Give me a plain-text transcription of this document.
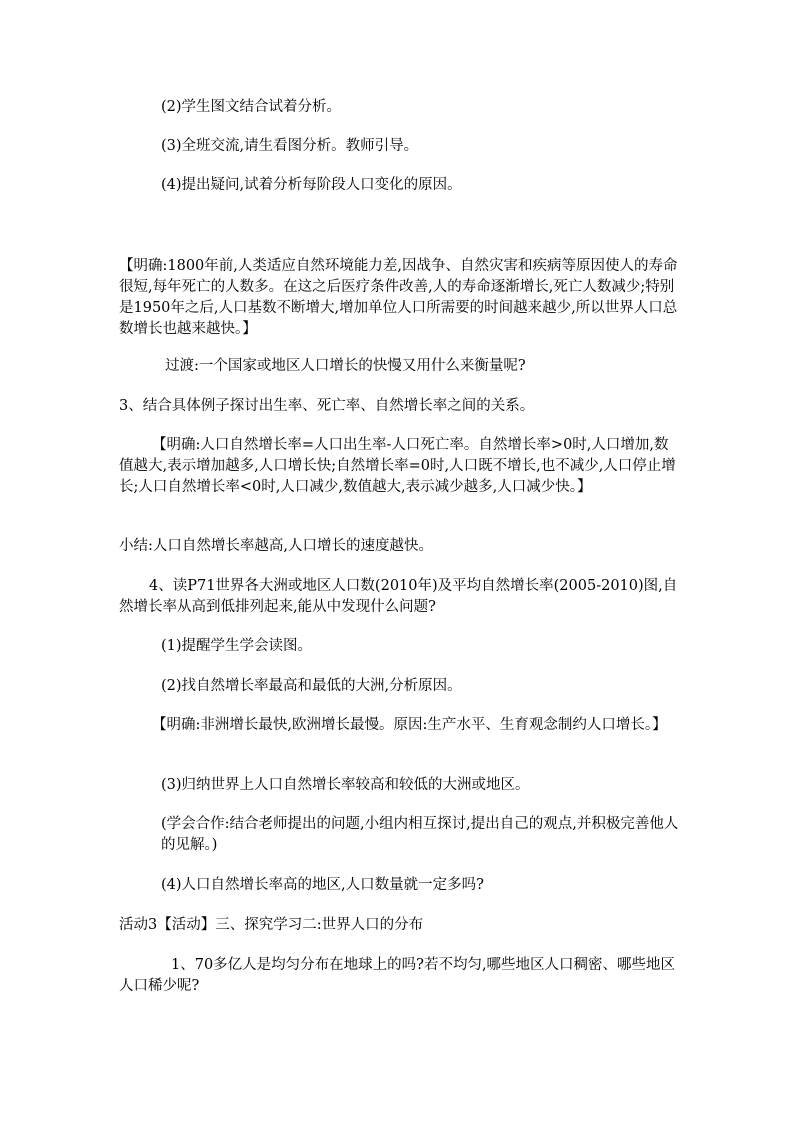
(2)学生图文结合试着分析。

(3)全班交流,请生看图分析。教师引导。

(4)提出疑问,试着分析每阶段人口变化的原因。

【明确:1800年前,人类适应自然环境能力差,因战争、自然灾害和疾病等原因使人的寿命很短,每年死亡的人数多。在这之后医疗条件改善,人的寿命逐渐增长,死亡人数减少;特别是1950年之后,人口基数不断增大,增加单位人口所需要的时间越来越少,所以世界人口总数增长也越来越快。】

过渡:一个国家或地区人口增长的快慢又用什么来衡量呢?

3、结合具体例子探讨出生率、死亡率、自然增长率之间的关系。

【明确:人口自然增长率=人口出生率-人口死亡率。自然增长率>0时,人口增加,数值越大,表示增加越多,人口增长快;自然增长率=0时,人口既不增长,也不减少,人口停止增长;人口自然增长率<0时,人口减少,数值越大,表示减少越多,人口减少快。】

小结:人口自然增长率越高,人口增长的速度越快。

4、读P71世界各大洲或地区人口数(2010年)及平均自然增长率(2005-2010)图,自然增长率从高到低排列起来,能从中发现什么问题?

(1)提醒学生学会读图。

(2)找自然增长率最高和最低的大洲,分析原因。

【明确:非洲增长最快,欧洲增长最慢。原因:生产水平、生育观念制约人口增长。】

(3)归纳世界上人口自然增长率较高和较低的大洲或地区。

(学会合作:结合老师提出的问题,小组内相互探讨,提出自己的观点,并积极完善他人的见解。)

(4)人口自然增长率高的地区,人口数量就一定多吗?

活动3【活动】三、探究学习二:世界人口的分布

1、70多亿人是均匀分布在地球上的吗?若不均匀,哪些地区人口稠密、哪些地区人口稀少呢?
